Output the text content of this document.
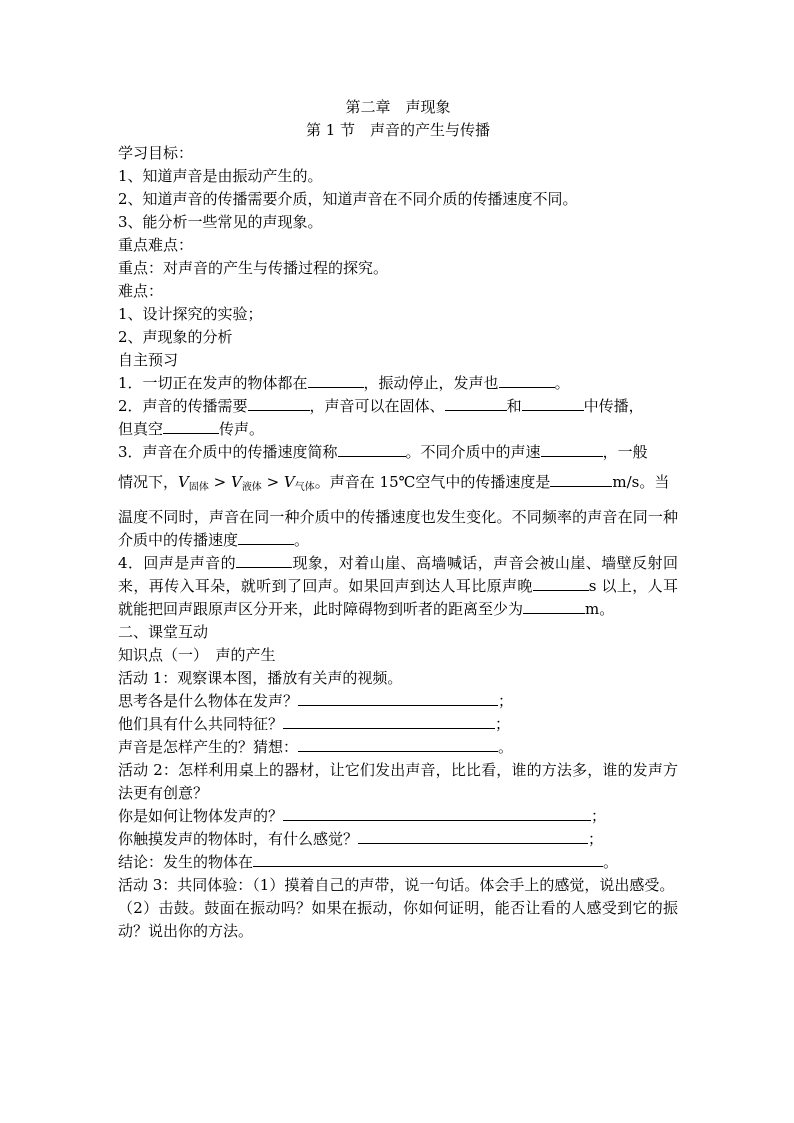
第二章　声现象

第 1 节　声音的产生与传播

学习目标：

1、知道声音是由振动产生的。

2、知道声音的传播需要介质，知道声音在不同介质的传播速度不同。

3、能分析一些常见的声现象。

重点难点：

重点：对声音的产生与传播过程的探究。

难点：

1、设计探究的实验；

2、声现象的分析

自主预习

1．一切正在发声的物体都在	，振动停止，发声也	。

2．声音的传播需要	，声音可以在固体、	和	中传播，

但真空	传声。

3．声音在介质中的传播速度简称	。不同介质中的声速	，一般

情况下，$V_{固体} > V_{液体} > V_{气体}$。声音在 15℃空气中的传播速度是	m/s。当

温度不同时，声音在同一种介质中的传播速度也发生变化。不同频率的声音在同一种介质中的传播速度	。

4．回声是声音的	现象，对着山崖、高墙喊话，声音会被山崖、墙壁反射回来，再传入耳朵，就听到了回声。如果回声到达人耳比原声晚	s 以上，人耳就能把回声跟原声区分开来，此时障碍物到听者的距离至少为	m。

二、课堂互动

知识点（一）　声的产生

活动 1：观察课本图，播放有关声的视频。

思考各是什么物体在发声？	；

他们具有什么共同特征？	；

声音是怎样产生的？猜想：	。

活动 2：怎样利用桌上的器材，让它们发出声音，比比看，谁的方法多，谁的发声方法更有创意？

你是如何让物体发声的？	；

你触摸发声的物体时，有什么感觉？	；

结论：发生的物体在	。

活动 3：共同体验：（1）摸着自己的声带，说一句话。体会手上的感觉，说出感受。

（2）击鼓。鼓面在振动吗？如果在振动，你如何证明，能否让看的人感受到它的振动？说出你的方法。
